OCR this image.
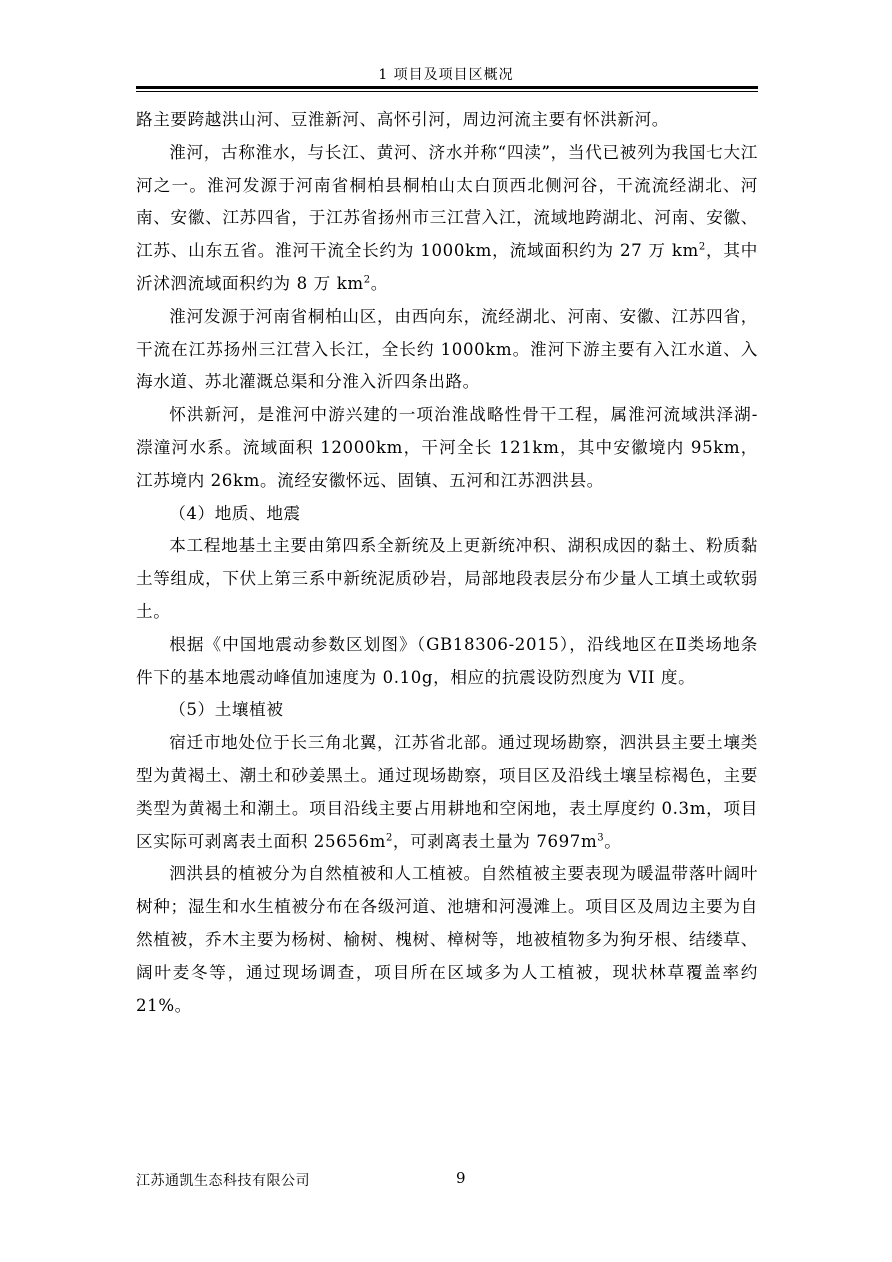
1 项目及项目区概况

路主要跨越洪山河、豆淮新河、高怀引河，周边河流主要有怀洪新河。

淮河，古称淮水，与长江、黄河、济水并称“四渎”，当代已被列为我国七大江河之一。淮河发源于河南省桐柏县桐柏山太白顶西北侧河谷，干流流经湖北、河南、安徽、江苏四省，于江苏省扬州市三江营入江，流域地跨湖北、河南、安徽、江苏、山东五省。淮河干流全长约为 1000km，流域面积约为 27 万 $km^2$，其中沂沭泗流域面积约为 8 万 $km^2$。

淮河发源于河南省桐柏山区，由西向东，流经湖北、河南、安徽、江苏四省，干流在江苏扬州三江营入长江，全长约 1000km。淮河下游主要有入江水道、入海水道、苏北灌溉总渠和分淮入沂四条出路。

怀洪新河，是淮河中游兴建的一项治淮战略性骨干工程，属淮河流域洪泽湖-漴潼河水系。流域面积 12000km，干河全长 121km，其中安徽境内 95km，江苏境内 26km。流经安徽怀远、固镇、五河和江苏泗洪县。

（4）地质、地震

本工程地基土主要由第四系全新统及上更新统冲积、湖积成因的黏土、粉质黏土等组成，下伏上第三系中新统泥质砂岩，局部地段表层分布少量人工填土或软弱土。

根据《中国地震动参数区划图》（GB18306-2015），沿线地区在Ⅱ类场地条件下的基本地震动峰值加速度为 0.10g，相应的抗震设防烈度为 VII 度。

（5）土壤植被

宿迁市地处位于长三角北翼，江苏省北部。通过现场勘察，泗洪县主要土壤类型为黄褐土、潮土和砂姜黑土。通过现场勘察，项目区及沿线土壤呈棕褐色，主要类型为黄褐土和潮土。项目沿线主要占用耕地和空闲地，表土厚度约 0.3m，项目区实际可剥离表土面积 $25656m^2$，可剥离表土量为 $7697m^3$。

泗洪县的植被分为自然植被和人工植被。自然植被主要表现为暖温带落叶阔叶树种；湿生和水生植被分布在各级河道、池塘和河漫滩上。项目区及周边主要为自然植被，乔木主要为杨树、榆树、槐树、樟树等，地被植物多为狗牙根、结缕草、阔叶麦冬等，通过现场调查，项目所在区域多为人工植被，现状林草覆盖率约 21%。

江苏通凯生态科技有限公司	9
